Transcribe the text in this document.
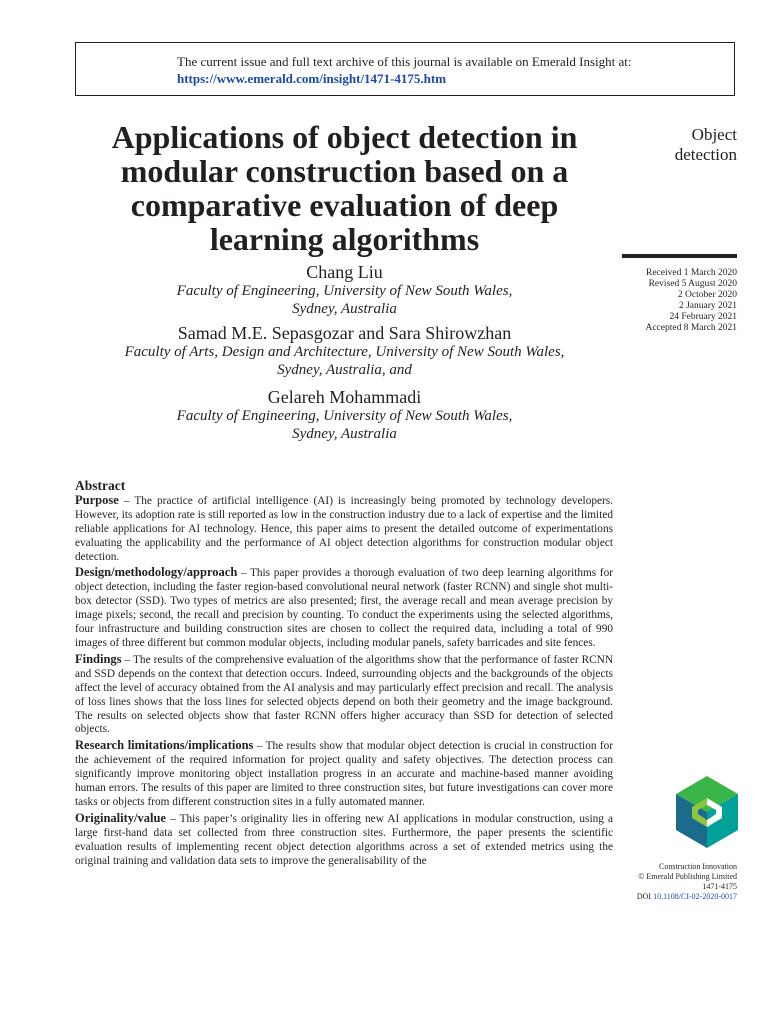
The current issue and full text archive of this journal is available on Emerald Insight at:
https://www.emerald.com/insight/1471-4175.htm
Applications of object detection in modular construction based on a comparative evaluation of deep learning algorithms
Object
detection
Received 1 March 2020
Revised 5 August 2020
2 October 2020
2 January 2021
24 February 2021
Accepted 8 March 2021
Chang Liu
Faculty of Engineering, University of New South Wales,
Sydney, Australia
Samad M.E. Sepasgozar and Sara Shirowzhan
Faculty of Arts, Design and Architecture, University of New South Wales,
Sydney, Australia, and
Gelareh Mohammadi
Faculty of Engineering, University of New South Wales,
Sydney, Australia
Abstract

Purpose – The practice of artificial intelligence (AI) is increasingly being promoted by technology developers. However, its adoption rate is still reported as low in the construction industry due to a lack of expertise and the limited reliable applications for AI technology. Hence, this paper aims to present the detailed outcome of experimentations evaluating the applicability and the performance of AI object detection algorithms for construction modular object detection.

Design/methodology/approach – This paper provides a thorough evaluation of two deep learning algorithms for object detection, including the faster region-based convolutional neural network (faster RCNN) and single shot multi-box detector (SSD). Two types of metrics are also presented; first, the average recall and mean average precision by image pixels; second, the recall and precision by counting. To conduct the experiments using the selected algorithms, four infrastructure and building construction sites are chosen to collect the required data, including a total of 990 images of three different but common modular objects, including modular panels, safety barricades and site fences.

Findings – The results of the comprehensive evaluation of the algorithms show that the performance of faster RCNN and SSD depends on the context that detection occurs. Indeed, surrounding objects and the backgrounds of the objects affect the level of accuracy obtained from the AI analysis and may particularly effect precision and recall. The analysis of loss lines shows that the loss lines for selected objects depend on both their geometry and the image background. The results on selected objects show that faster RCNN offers higher accuracy than SSD for detection of selected objects.

Research limitations/implications – The results show that modular object detection is crucial in construction for the achievement of the required information for project quality and safety objectives. The detection process can significantly improve monitoring object installation progress in an accurate and machine-based manner avoiding human errors. The results of this paper are limited to three construction sites, but future investigations can cover more tasks or objects from different construction sites in a fully automated manner.

Originality/value – This paper’s originality lies in offering new AI applications in modular construction, using a large first-hand data set collected from three construction sites. Furthermore, the paper presents the scientific evaluation results of implementing recent object detection algorithms across a set of extended metrics using the original training and validation data sets to improve the generalisability of the	Construction Innovation
© Emerald Publishing Limited
1471-4175
DOI 10.1108/CI-02-2020-0017
